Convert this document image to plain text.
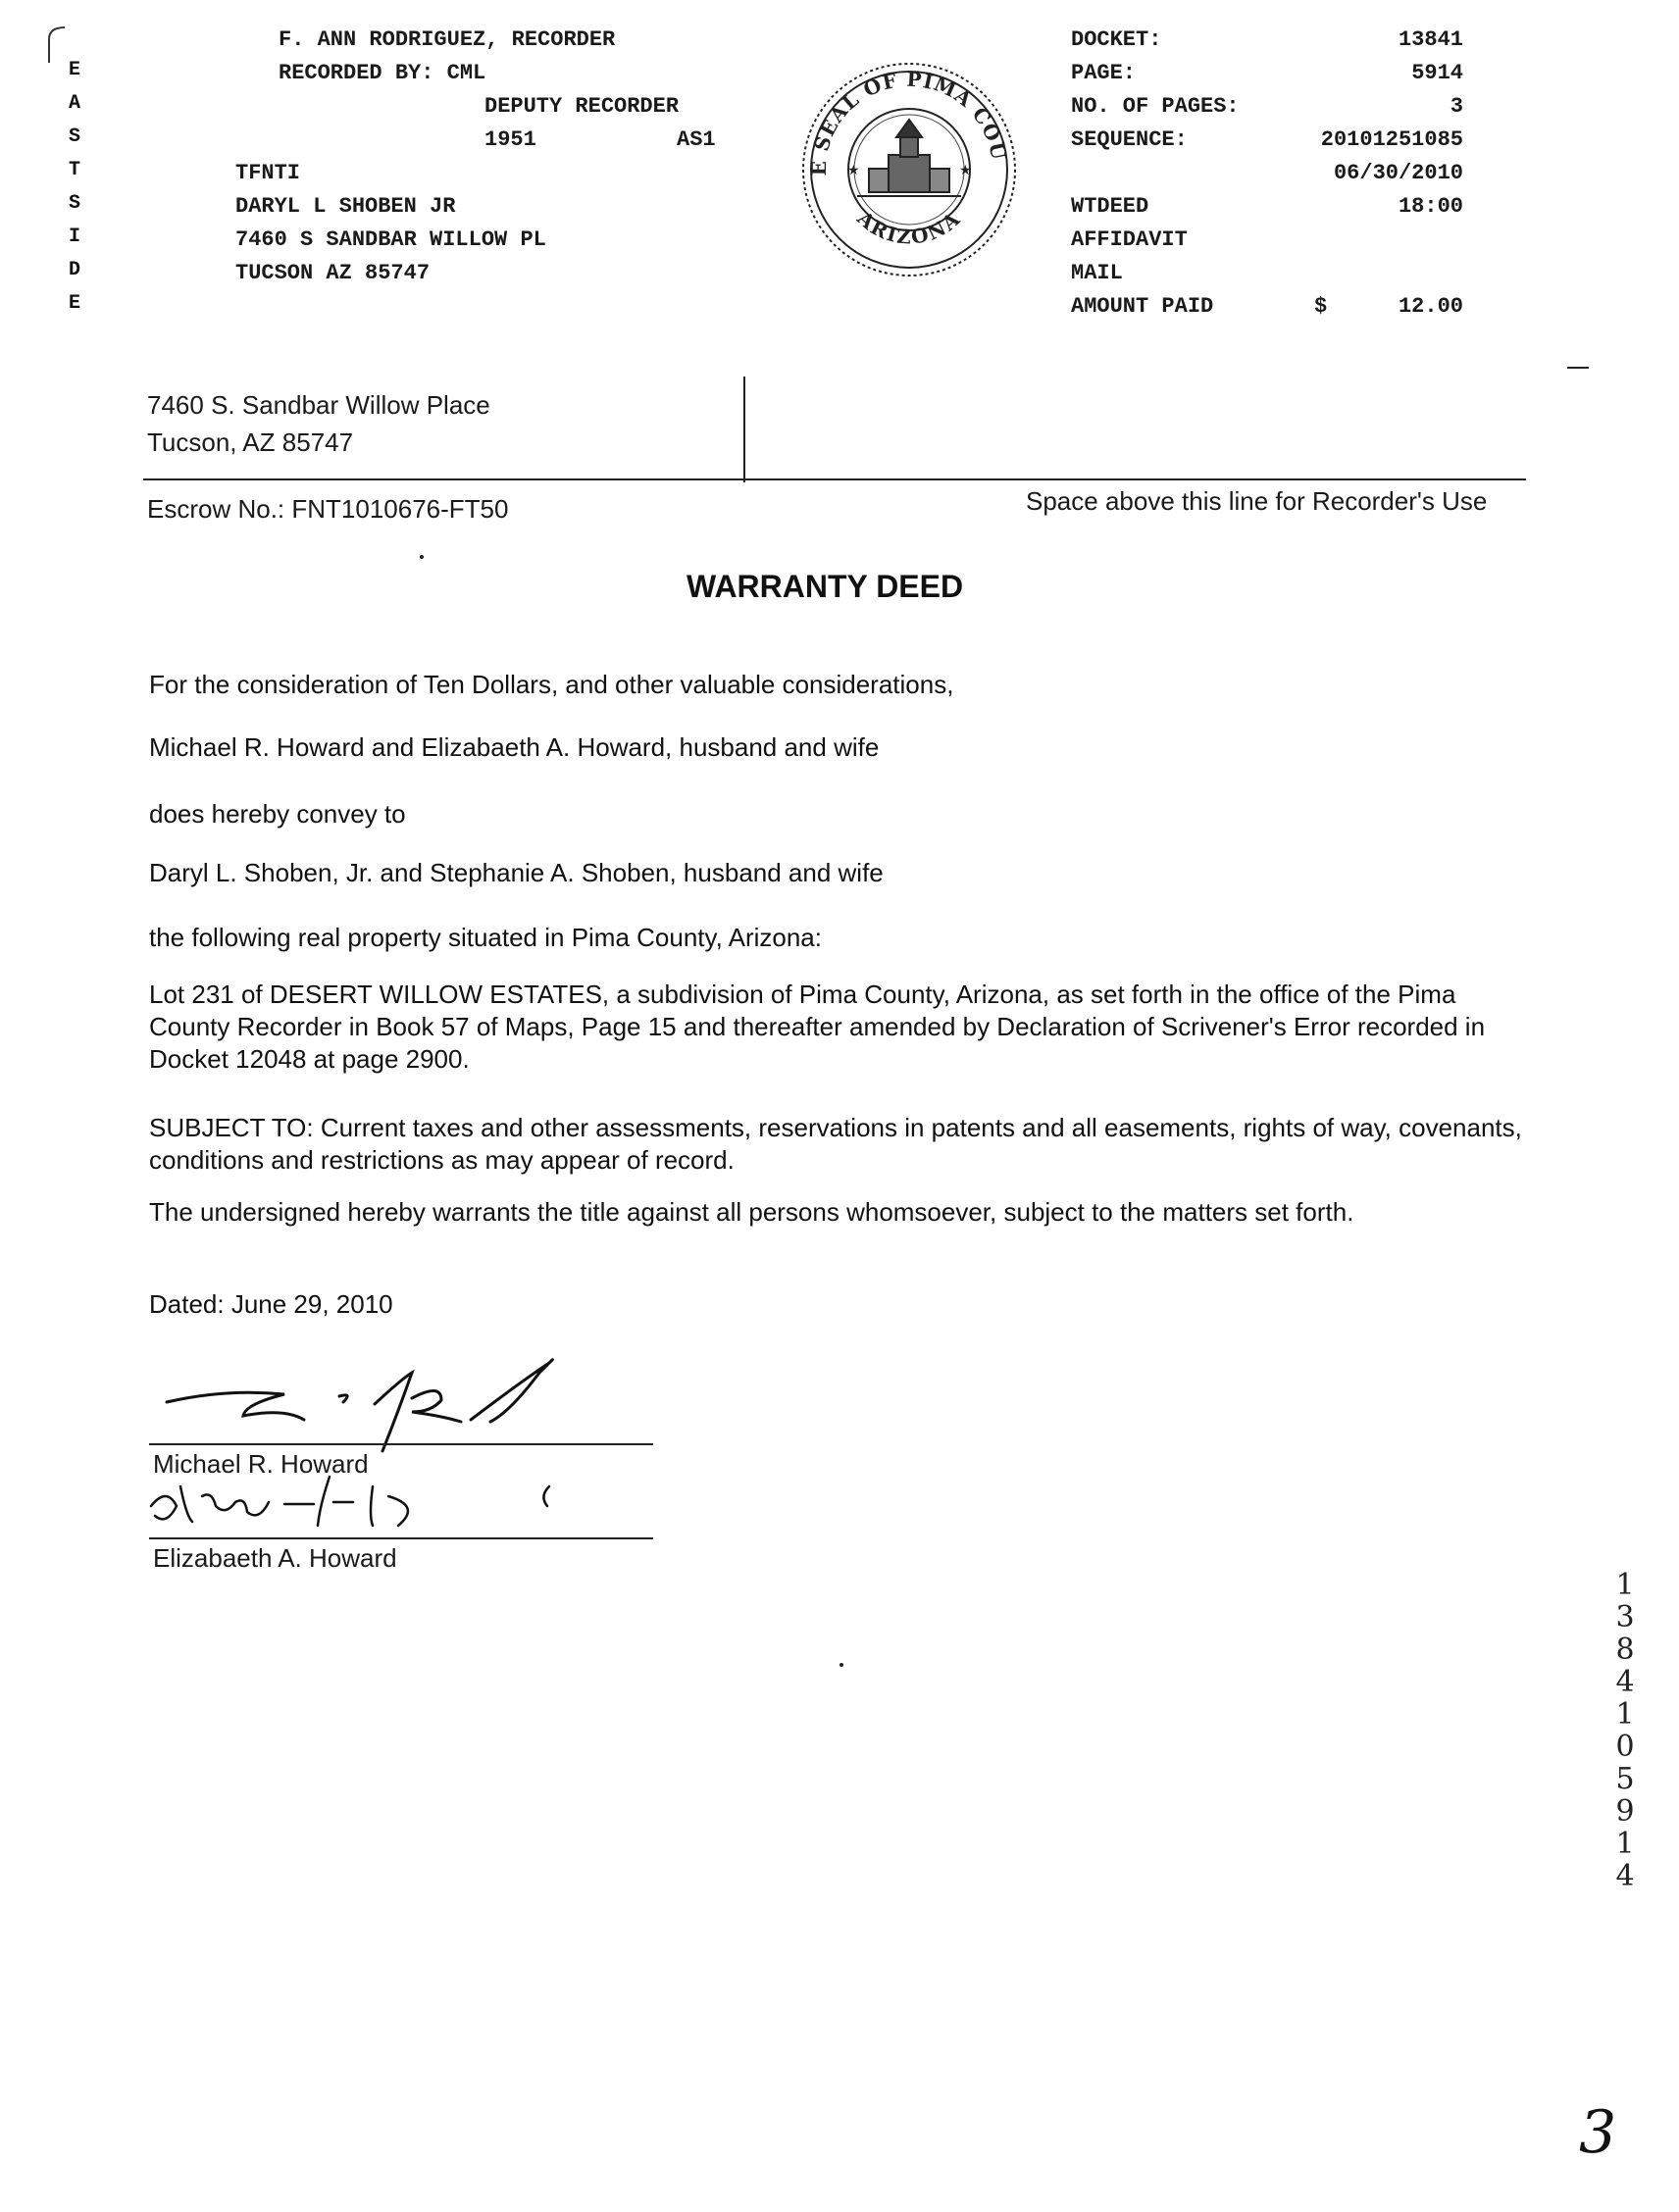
E
A
S
T
S
I
D
E
F. ANN RODRIGUEZ, RECORDER
RECORDED BY: CML
DEPUTY RECORDER
1951	AS1
TFNTI
DARYL L SHOBEN JR
7460 S SANDBAR WILLOW PL
TUCSON AZ 85747
E SEAL OF PIMA COU
ARIZONA
★	★
DOCKET:	13841
PAGE:	5914
NO. OF PAGES:	3
SEQUENCE:	20101251085
06/30/2010
WTDEED	18:00
AFFIDAVIT
MAIL
AMOUNT PAID	$	12.00
7460 S. Sandbar Willow Place
Tucson, AZ 85747
Escrow No.: FNT1010676-FT50	Space above this line for Recorder's Use
WARRANTY DEED
For the consideration of Ten Dollars, and other valuable considerations,
Michael R. Howard and Elizabaeth A. Howard, husband and wife
does hereby convey to
Daryl L. Shoben, Jr. and Stephanie A. Shoben, husband and wife
the following real property situated in Pima County, Arizona:
Lot 231 of DESERT WILLOW ESTATES, a subdivision of Pima County, Arizona, as set forth in the office of the Pima County Recorder in Book 57 of Maps, Page 15 and thereafter amended by Declaration of Scrivener's Error recorded in Docket 12048 at page 2900.
SUBJECT TO: Current taxes and other assessments, reservations in patents and all easements, rights of way, covenants, conditions and restrictions as may appear of record.
The undersigned hereby warrants the title against all persons whomsoever, subject to the matters set forth.
Dated: June 29, 2010
Michael R. Howard
Elizabaeth A. Howard
1
3
8
4
1
0
5
9
1
4
3
